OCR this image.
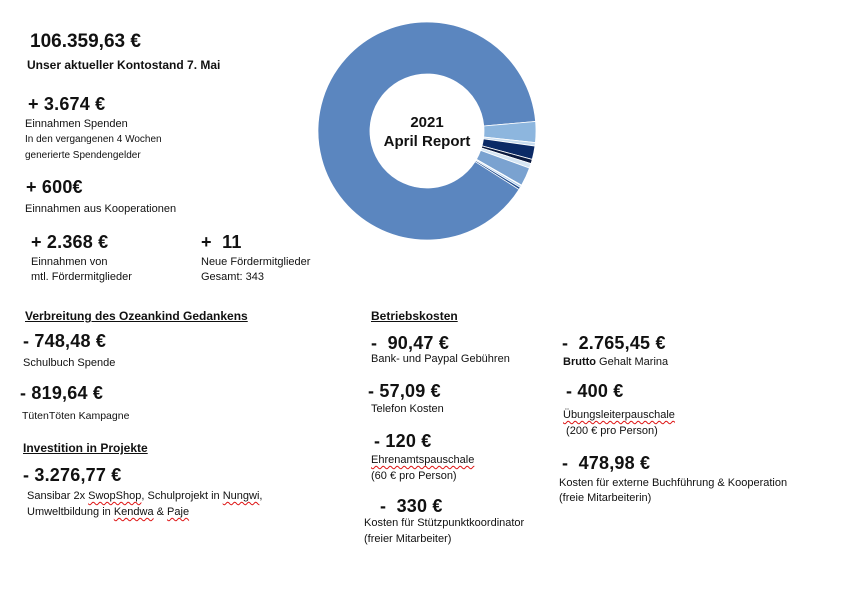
106.359,63 €
Unser aktueller Kontostand 7. Mai
+ 3.674 €
Einnahmen Spenden
In den vergangenen 4 Wochen
generierte Spendengelder
+ 600€
Einnahmen aus Kooperationen
+ 2.368 €
Einnahmen von
mtl. Fördermitglieder
+  11
Neue Fördermitglieder
Gesamt: 343
2021
April Report
Verbreitung des Ozeankind Gedankens
- 748,48 €
Schulbuch Spende
- 819,64 €
TütenTöten Kampagne
Investition in Projekte
- 3.276,77 €
Sansibar 2x SwopShop, Schulprojekt in Nungwi,
Umweltbildung in Kendwa & Paje
Betriebskosten
-  90,47 €
Bank- und Paypal Gebühren
- 57,09 €
Telefon Kosten
- 120 €
Ehrenamtspauschale
(60 € pro Person)
-  330 €
Kosten für Stützpunktkoordinator
(freier Mitarbeiter)
-  2.765,45 €
Brutto Gehalt Marina
- 400 €
Übungsleiterpauschale
(200 € pro Person)
-  478,98 €
Kosten für externe Buchführung & Kooperation
(freie Mitarbeiterin)
